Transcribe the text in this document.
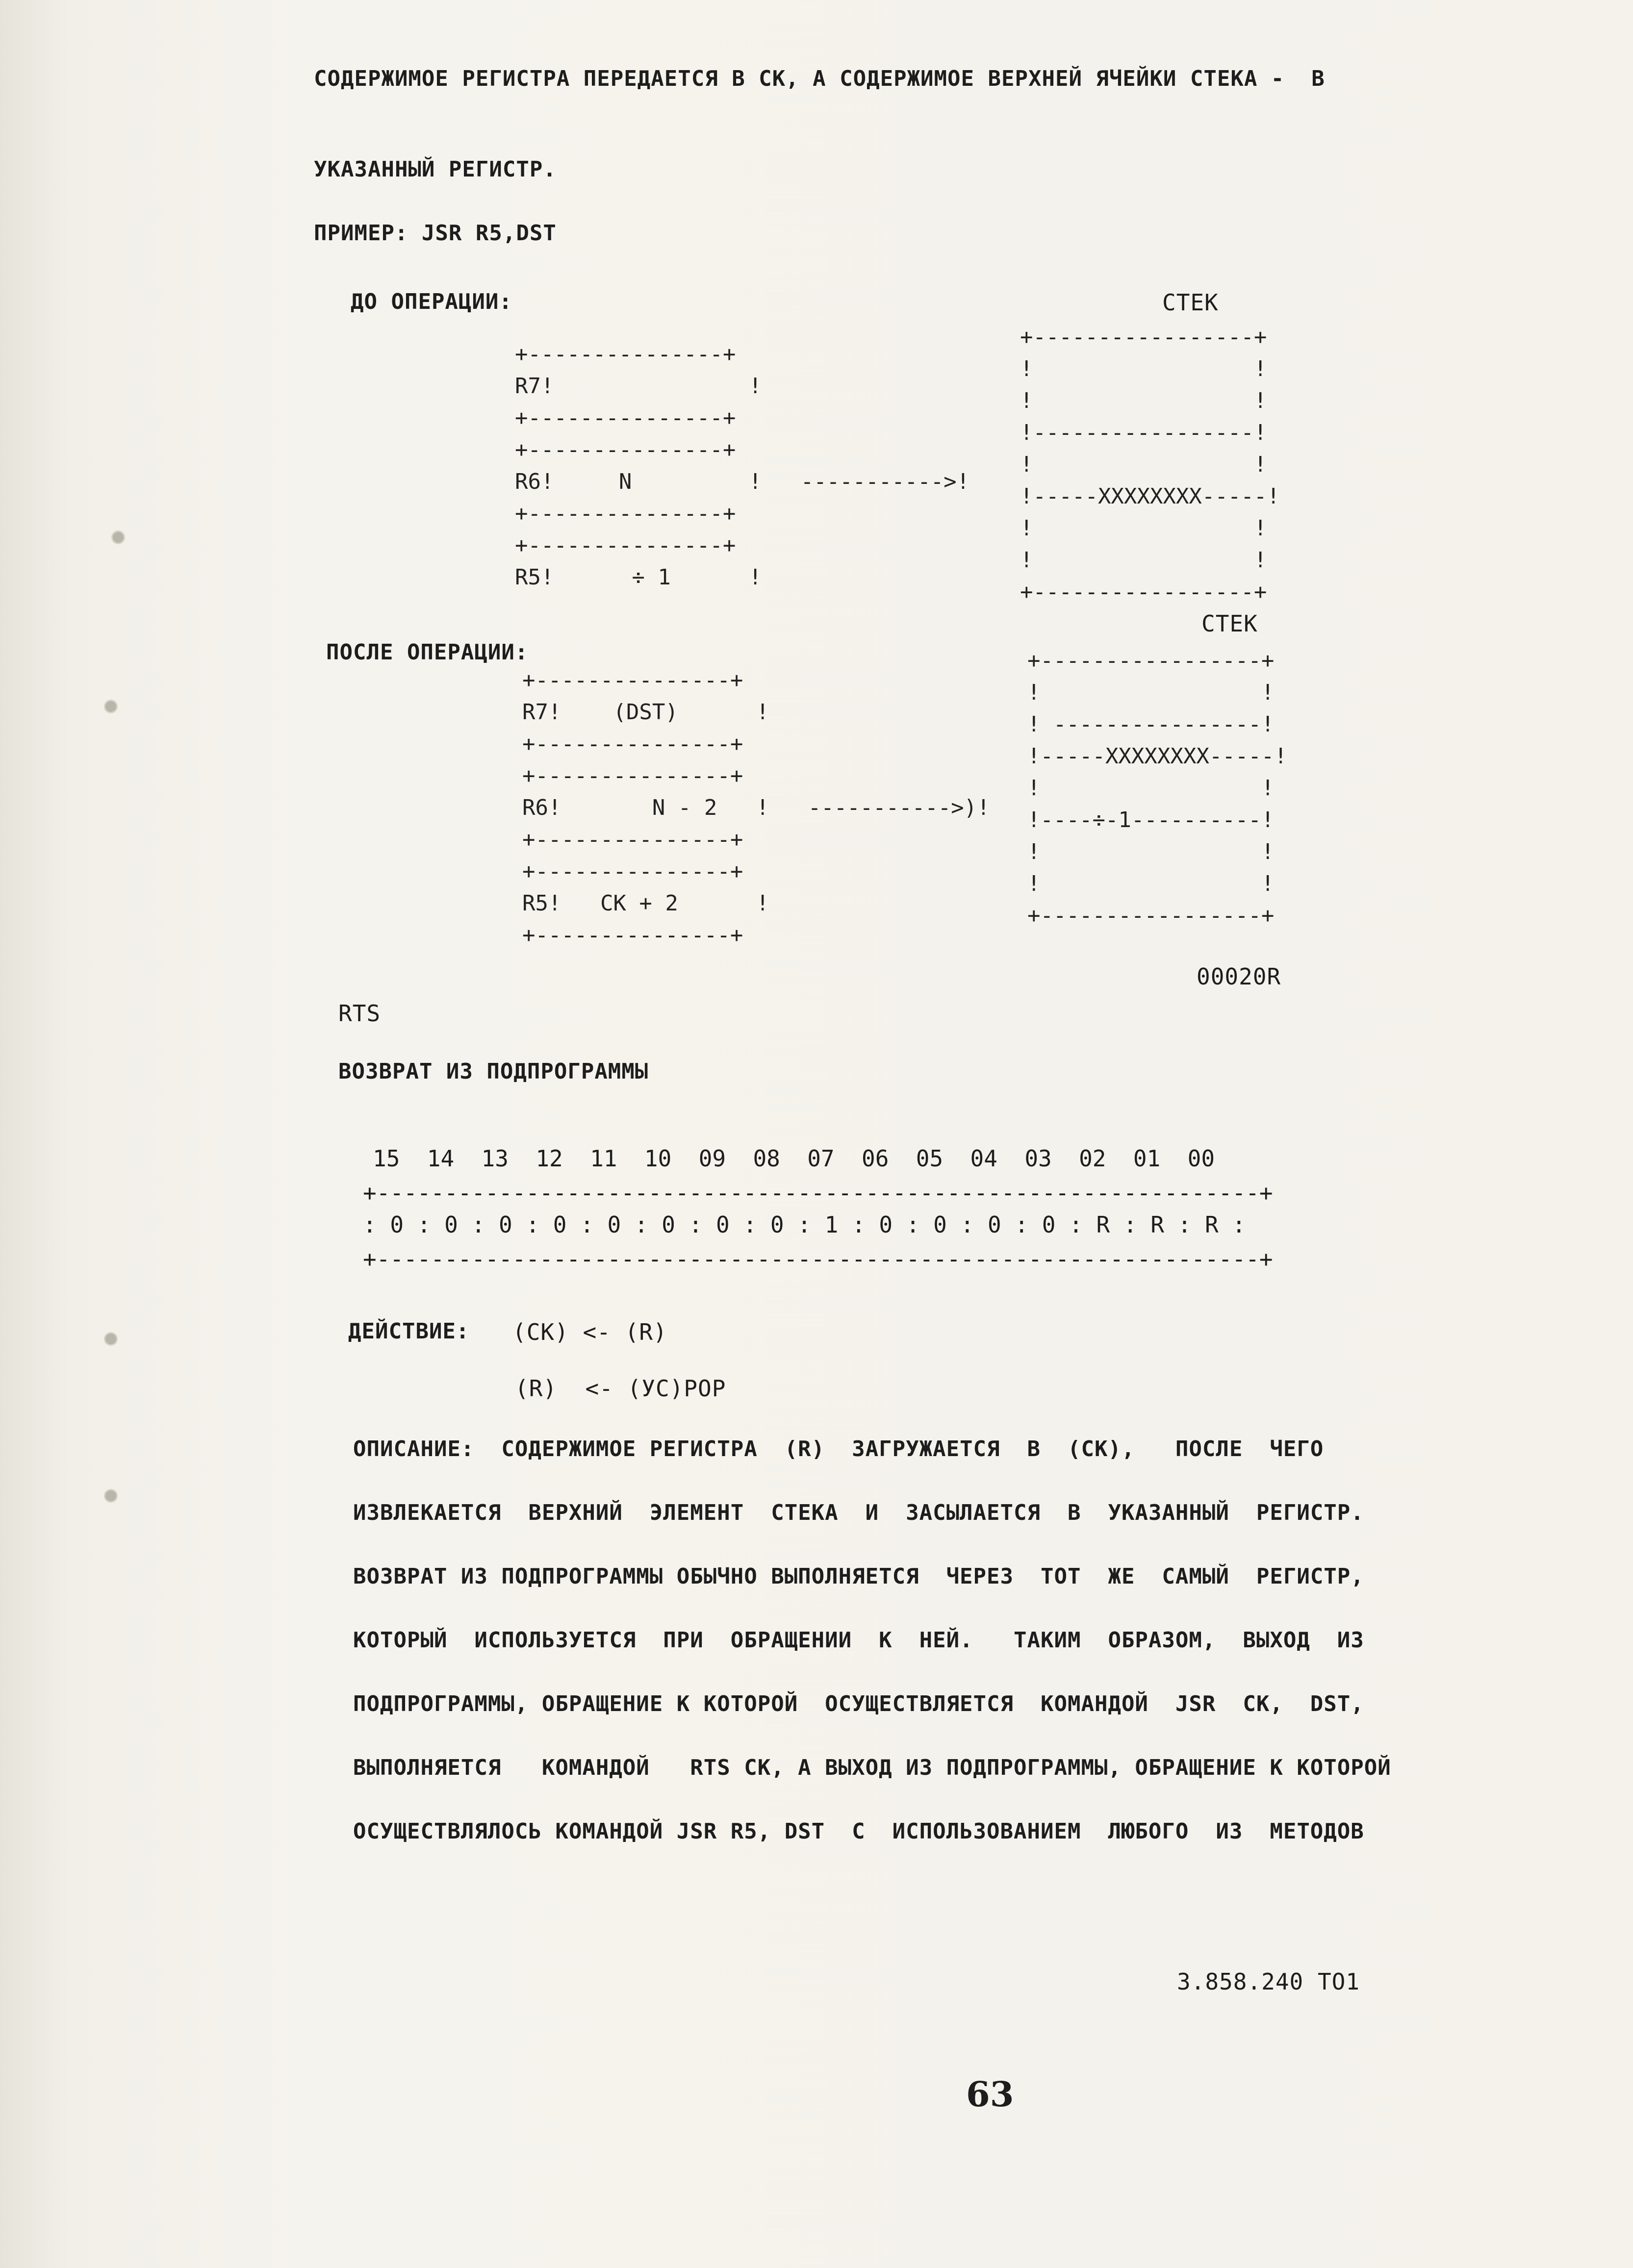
СОДЕРЖИМОЕ РЕГИСТРА ПЕРЕДАЕТСЯ В СК, А СОДЕРЖИМОЕ ВЕРХНЕЙ ЯЧЕЙКИ СТЕКА -  В
УКАЗАННЫЙ РЕГИСТР.
ПРИМЕР: JSR R5,DST
ДО ОПЕРАЦИИ:	СТЕК
+---------------+
R7!               !
+---------------+
+---------------+
R6!     N         !   ----------->!
+---------------+
+---------------+
R5!      ÷ 1      !
+-----------------+
!                 !
!                 !
!-----------------!
!                 !
!-----XXXXXXXX-----!
!                 !
!                 !
+-----------------+
ПОСЛЕ ОПЕРАЦИИ:
СТЕК
+---------------+
R7!    (DST)      !
+---------------+
+---------------+
R6!       N - 2   !   ----------->)!
+---------------+
+---------------+
R5!   СК + 2      !
+---------------+
+-----------------+
!                 !
! ----------------!
!-----XXXXXXXX-----!
!                 !
!----÷-1----------!
!                 !
!                 !
+-----------------+
00020R
RTS
ВОЗВРАТ ИЗ ПОДПРОГРАММЫ
15  14  13  12  11  10  09  08  07  06  05  04  03  02  01  00
+-----------------------------------------------------------------+
: 0 : 0 : 0 : 0 : 0 : 0 : 0 : 0 : 1 : 0 : 0 : 0 : 0 : R : R : R :
+-----------------------------------------------------------------+
ДЕЙСТВИЕ: (СК) <- (R)
(R)  <- (УС)POP
ОПИСАНИЕ:  СОДЕРЖИМОЕ РЕГИСТРА  (R)  ЗАГРУЖАЕТСЯ  В  (СК),   ПОСЛЕ  ЧЕГО
ИЗВЛЕКАЕТСЯ  ВЕРХНИЙ  ЭЛЕМЕНТ  СТЕКА  И  ЗАСЫЛАЕТСЯ  В  УКАЗАННЫЙ  РЕГИСТР.
ВОЗВРАТ ИЗ ПОДПРОГРАММЫ ОБЫЧНО ВЫПОЛНЯЕТСЯ  ЧЕРЕЗ  ТОТ  ЖЕ  САМЫЙ  РЕГИСТР,
КОТОРЫЙ  ИСПОЛЬЗУЕТСЯ  ПРИ  ОБРАЩЕНИИ  К  НЕЙ.   ТАКИМ  ОБРАЗОМ,  ВЫХОД  ИЗ
ПОДПРОГРАММЫ, ОБРАЩЕНИЕ К КОТОРОЙ  ОСУЩЕСТВЛЯЕТСЯ  КОМАНДОЙ  JSR  СК,  DST,
ВЫПОЛНЯЕТСЯ   КОМАНДОЙ   RTS СК, А ВЫХОД ИЗ ПОДПРОГРАММЫ, ОБРАЩЕНИЕ К КОТОРОЙ
ОСУЩЕСТВЛЯЛОСЬ КОМАНДОЙ JSR R5, DST  С  ИСПОЛЬЗОВАНИЕМ  ЛЮБОГО  ИЗ  МЕТОДОВ
3.858.240 ТО1
63
